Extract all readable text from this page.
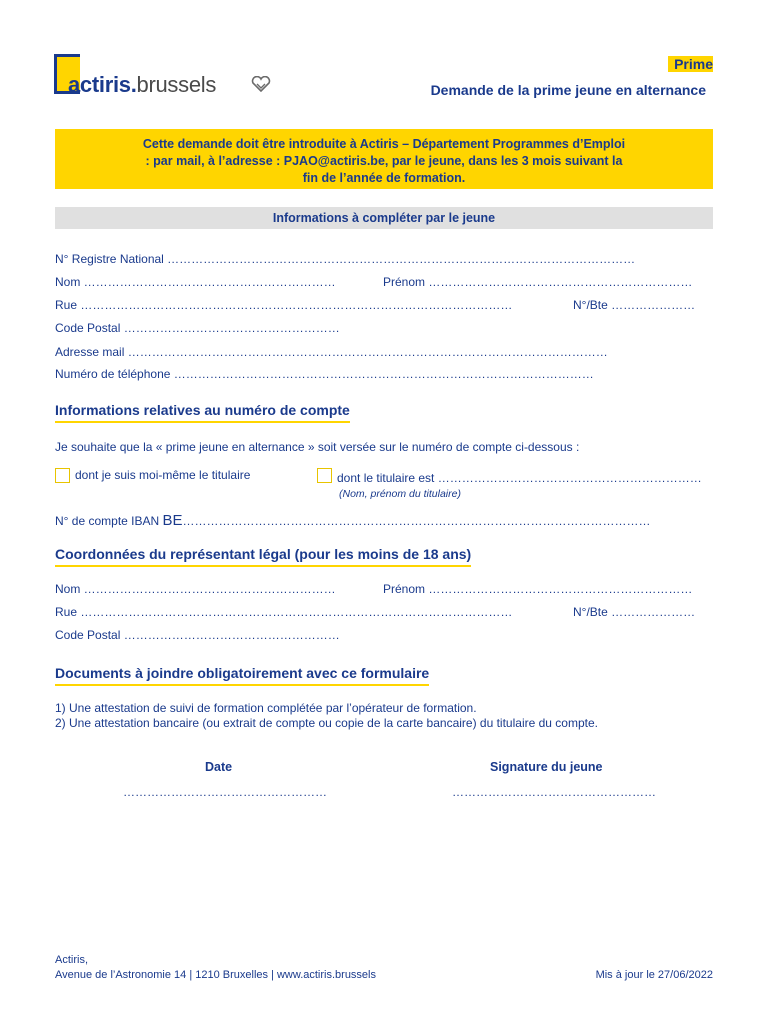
actiris.brussels
Prime
Demande de la prime jeune en alternance
Cette demande doit être introduite à Actiris – Département Programmes d’Emploi
: par mail, à l’adresse : PJAO@actiris.be, par le jeune, dans les 3 mois suivant la
fin de l’année de formation.
Informations à compléter par le jeune
N° Registre National ………………………………………………………………………………………………………
Nom ………………………………………………………	Prénom …………………………………………………………
Rue ………………………………………………………………………………………………	N°/Bte …………………
Code Postal ………………………………………………
Adresse mail …………………………………………………………………………………………………………
Numéro de téléphone ……………………………………………………………………………………………
Informations relatives au numéro de compte
Je souhaite que la « prime jeune en alternance » soit versée sur le numéro de compte ci-dessous :
dont je suis moi-même le titulaire	dont le titulaire est …………………………………………………………
(Nom, prénom du titulaire)
N° de compte IBAN BE………………………………………………………………………………………………………
Coordonnées du représentant légal (pour les moins de 18 ans)
Nom ………………………………………………………	Prénom …………………………………………………………
Rue ………………………………………………………………………………………………	N°/Bte …………………
Code Postal ………………………………………………
Documents à joindre obligatoirement avec ce formulaire
1) Une attestation de suivi de formation complétée par l’opérateur de formation.
2) Une attestation bancaire (ou extrait de compte ou copie de la carte bancaire) du titulaire du compte.
Date
……………………………………………
Signature du jeune
……………………………………………
Actiris,
Avenue de l’Astronomie 14 | 1210 Bruxelles | www.actiris.brussels	Mis à jour le 27/06/2022
